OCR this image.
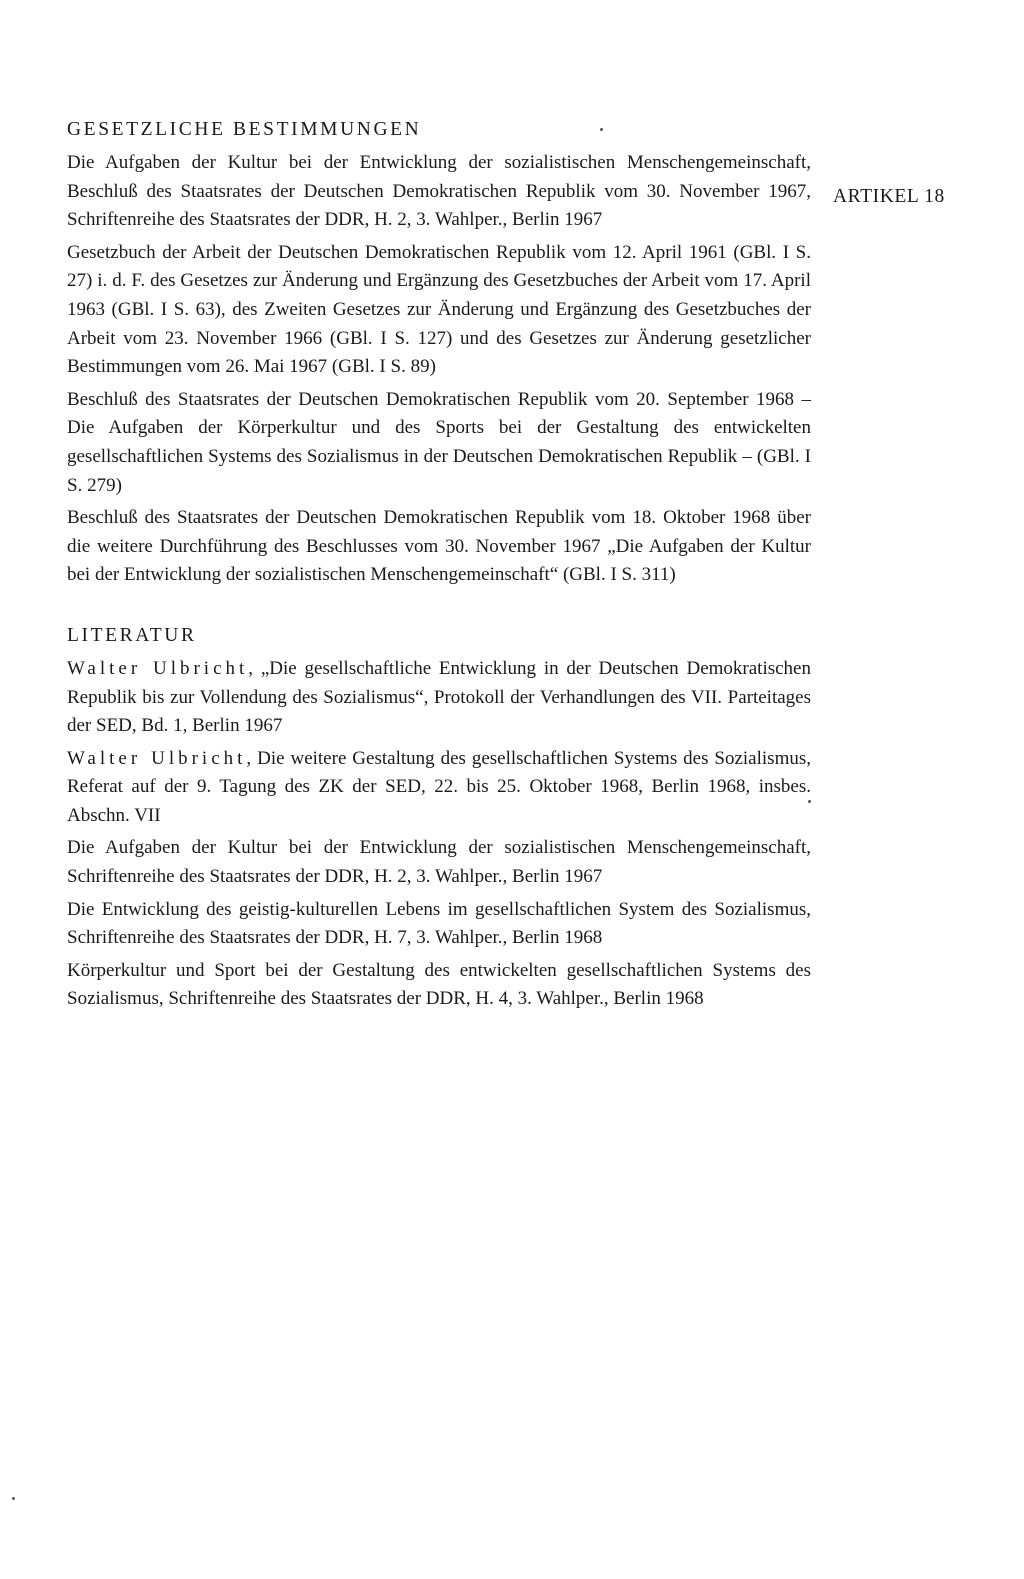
ARTIKEL 18
GESETZLICHE BESTIMMUNGEN

Die Aufgaben der Kultur bei der Entwicklung der sozialistischen Menschengemeinschaft, Beschluß des Staatsrates der Deutschen Demokratischen Republik vom 30. November 1967, Schriftenreihe des Staatsrates der DDR, H. 2, 3. Wahlper., Berlin 1967

Gesetzbuch der Arbeit der Deutschen Demokratischen Republik vom 12. April 1961 (GBl. I S. 27) i. d. F. des Gesetzes zur Änderung und Ergänzung des Gesetzbuches der Arbeit vom 17. April 1963 (GBl. I S. 63), des Zweiten Gesetzes zur Änderung und Ergänzung des Gesetzbuches der Arbeit vom 23. November 1966 (GBl. I S. 127) und des Gesetzes zur Änderung gesetzlicher Bestimmungen vom 26. Mai 1967 (GBl. I S. 89)

Beschluß des Staatsrates der Deutschen Demokratischen Republik vom 20. September 1968 – Die Aufgaben der Körperkultur und des Sports bei der Gestaltung des entwickelten gesellschaftlichen Systems des Sozialismus in der Deutschen Demokratischen Republik – (GBl. I S. 279)

Beschluß des Staatsrates der Deutschen Demokratischen Republik vom 18. Oktober 1968 über die weitere Durchführung des Beschlusses vom 30. November 1967 „Die Aufgaben der Kultur bei der Entwicklung der sozialistischen Menschengemeinschaft“ (GBl. I S. 311)

LITERATUR

Walter Ulbricht, „Die gesellschaftliche Entwicklung in der Deutschen Demokratischen Republik bis zur Vollendung des Sozialismus“, Protokoll der Verhandlungen des VII. Parteitages der SED, Bd. 1, Berlin 1967

Walter Ulbricht, Die weitere Gestaltung des gesellschaftlichen Systems des Sozialismus, Referat auf der 9. Tagung des ZK der SED, 22. bis 25. Oktober 1968, Berlin 1968, insbes. Abschn. VII

Die Aufgaben der Kultur bei der Entwicklung der sozialistischen Menschengemeinschaft, Schriftenreihe des Staatsrates der DDR, H. 2, 3. Wahlper., Berlin 1967

Die Entwicklung des geistig-kulturellen Lebens im gesellschaftlichen System des Sozialismus, Schriftenreihe des Staatsrates der DDR, H. 7, 3. Wahlper., Berlin 1968

Körperkultur und Sport bei der Gestaltung des entwickelten gesellschaftlichen Systems des Sozialismus, Schriftenreihe des Staatsrates der DDR, H. 4, 3. Wahlper., Berlin 1968
